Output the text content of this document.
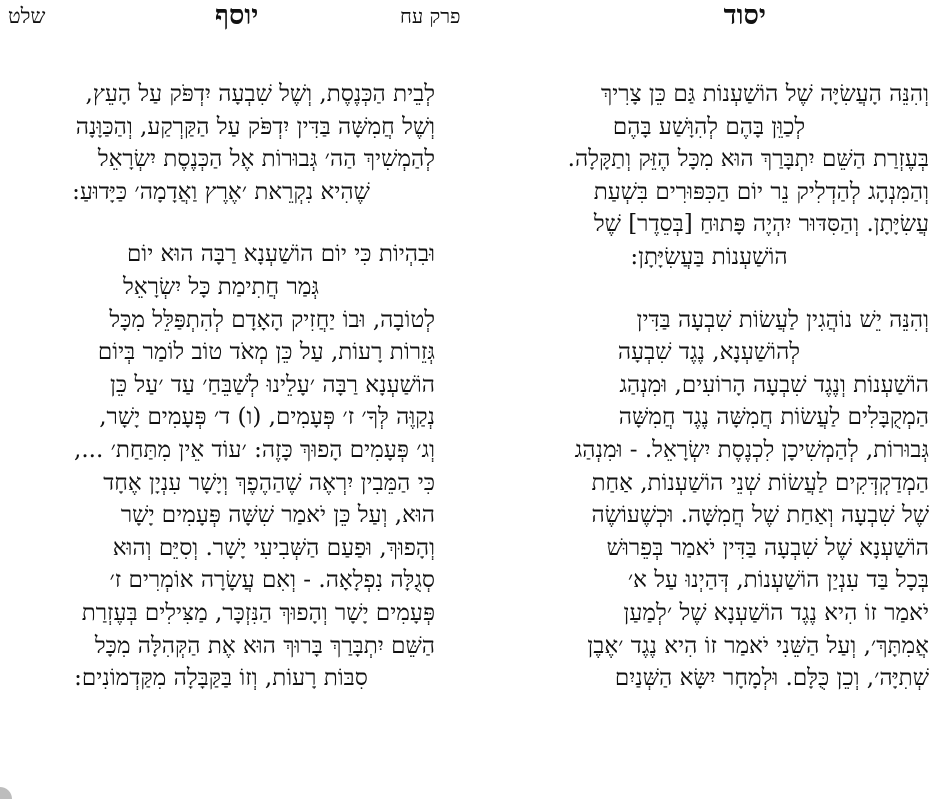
יסוד
פרק עח
יוסף
שלט

וְהִנֵּה הָעֲשִׂיָּה שֶׁל הוֹשַׁעְנוֹת גַּם כֵּן צָרִיךְ

לְכַוֵּן בָּהֶם לְהִוָּשַׁע בָּהֶם

בְּעֶזְרַת הַשֵּׁם יִתְבָּרַךְ הוּא מִכָּל הֶזֵּק וְתַקָּלָה.

וְהַמִּנְהָג לְהַדְלִיק נֵר יוֹם הַכִּפּוּרִים בִּשְׁעַת

עֲשִׂיָּתָן. וְהַסִּדּוּר יִהְיֶה פָּתוּחַ [בְּסֵדֶר] שֶׁל

הוֹשַׁעְנוֹת בַּעֲשִׂיָּתָן:

וְהִנֵּה יֵשׁ נוֹהֲגִין לַעֲשׂוֹת שִׁבְעָה בַּדִּין

לְהוֹשַׁעְנָא, נֶגֶד שִׁבְעָה

הוֹשַׁעְנוֹת וְנֶגֶד שִׁבְעָה הָרוֹעִים, וּמִנְהַג

הַמְקֻבָּלִים לַעֲשׂוֹת חֲמִשָּׁה נֶגֶד חֲמִשָּׁה

גְּבוּרוֹת, לְהַמְשִׁיכָן לִכְנֶסֶת יִשְׂרָאֵל. - וּמִנְהַג

הַמְדַקְדְּקִים לַעֲשׂוֹת שְׁנֵי הוֹשַׁעְנוֹת, אַחַת

שֶׁל שִׁבְעָה וְאַחַת שֶׁל חֲמִשָּׁה. וּכְשֶׁעוֹשֶׂה

הוֹשַׁעְנָא שֶׁל שִׁבְעָה בַּדִּין יֹאמַר בְּפֵרוּשׁ

בְּכָל בַּד עִנְיַן הוֹשַׁעְנוֹת, דְּהַיְנוּ עַל א׳

יֹאמַר זוֹ הִיא נֶגֶד הוֹשַׁעְנָא שֶׁל ׳לְמַעַן

אֲמִתָּךְ׳, וְעַל הַשֵּׁנִי יֹאמַר זוֹ הִיא נֶגֶד ׳אֶבֶן

שְׁתִיָּה׳, וְכֵן כֻּלָּם. וּלְמָחָר יִשָּׂא הַשְּׁנַיִם

לְבֵית הַכְּנֶסֶת, וְשֶׁל שִׁבְעָה יִדְפֹּק עַל הָעֵץ,

וְשֶׁל חֲמִשָּׁה בַּדִּין יִדְפֹּק עַל הַקַּרְקַע, וְהַכַּוָּנָה

לְהַמְשִׁיךְ הַה׳ גְּבוּרוֹת אֶל הַכְּנֶסֶת יִשְׂרָאֵל

שֶׁהִיא נִקְרֵאת ׳אֶרֶץ וַאֲדָמָה׳ כַּיָּדוּעַ:

וּבִהְיוֹת כִּי יוֹם הוֹשַׁעְנָא רַבָּה הוּא יוֹם

גְּמַר חֲתִימַת כָּל יִשְׂרָאֵל

לְטוֹבָה, וּבוֹ יַחֲזִיק הָאָדָם לְהִתְפַּלֵּל מִכָּל

גְּזֵרוֹת רָעוֹת, עַל כֵּן מְאֹד טוֹב לוֹמַר בְּיוֹם

הוֹשַׁעְנָא רַבָּה ׳עָלֵינוּ לְשַׁבֵּחַ׳ עַד ׳עַל כֵּן

נְקַוֶּה לְּךָ׳ ז׳ פְּעָמִים, (ו) ד׳ פְּעָמִים יָשָׁר,

וְג׳ פְּעָמִים הָפוּךְ כָּזֶה: ׳עוֹד אֵין מִתַּחַת׳ ...,

כִּי הַמֵּבִין יִרְאֶה שֶׁהַהֶפֶךְ וְיָשָׁר עִנְיָן אֶחָד

הוּא, וְעַל כֵּן יֹאמַר שִׁשָּׁה פְּעָמִים יָשָׁר

וְהָפוּךְ, וּפַעַם הַשְּׁבִיעִי יָשָׁר. וְסִיֵּם וְהוּא

סְגֻלָּה נִפְלָאָה. - וְאִם עֲשָׂרָה אוֹמְרִים ז׳

פְּעָמִים יָשָׁר וְהָפוּךְ הַנִּזְכָּר, מַצִּילִים בְּעֶזְרַת

הַשֵּׁם יִתְבָּרַךְ בָּרוּךְ הוּא אֶת הַקְּהִלָּה מִכָּל

סִבּוֹת רָעוֹת, וְזוֹ בַּקַּבָּלָה מִקַּדְמוֹנִים:
